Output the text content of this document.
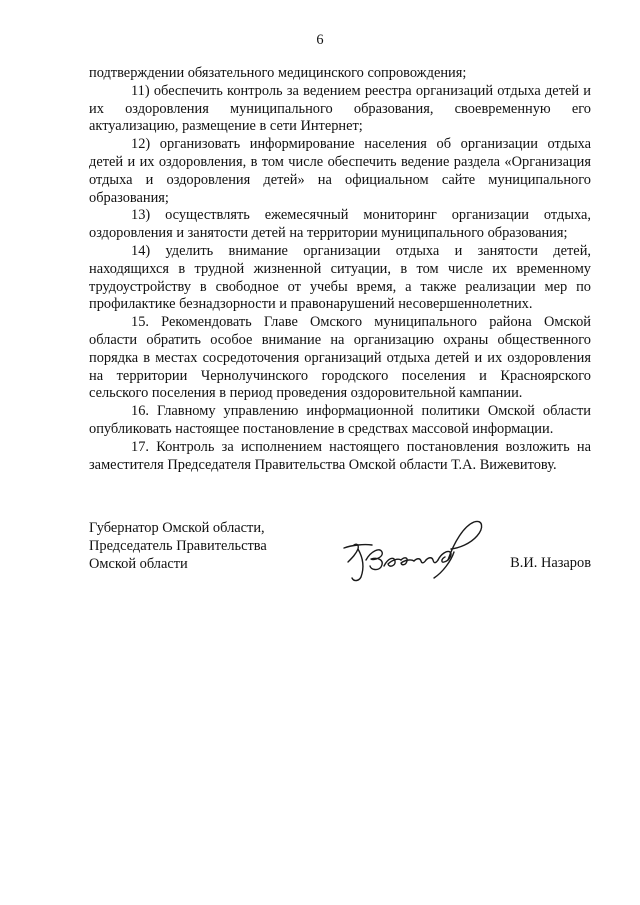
6

подтверждении обязательного медицинского сопровождения;

11) обеспечить контроль за ведением реестра организаций отдыха детей и их оздоровления муниципального образования, своевременную его актуализацию, размещение в сети Интернет;

12) организовать информирование населения об организации отдыха детей и их оздоровления, в том числе обеспечить ведение раздела «Организация отдыха и оздоровления детей» на официальном сайте муниципального образования;

13) осуществлять ежемесячный мониторинг организации отдыха, оздоровления и занятости детей на территории муниципального образования;

14) уделить внимание организации отдыха и занятости детей, находящихся в трудной жизненной ситуации, в том числе их временному трудоустройству в свободное от учебы время, а также реализации мер по профилактике безнадзорности и правонарушений несовершеннолетних.

15. Рекомендовать Главе Омского муниципального района Омской области обратить особое внимание на организацию охраны общественного порядка в местах сосредоточения организаций отдыха детей и их оздоровления на территории Чернолучинского городского поселения и Красноярского сельского поселения в период проведения оздоровительной кампании.

16. Главному управлению информационной политики Омской области опубликовать настоящее постановление в средствах массовой информации.

17. Контроль за исполнением настоящего постановления возложить на заместителя Председателя Правительства Омской области Т.А. Вижевитову.

Губернатор Омской области,
Председатель Правительства
Омской области	В.И. Назаров
